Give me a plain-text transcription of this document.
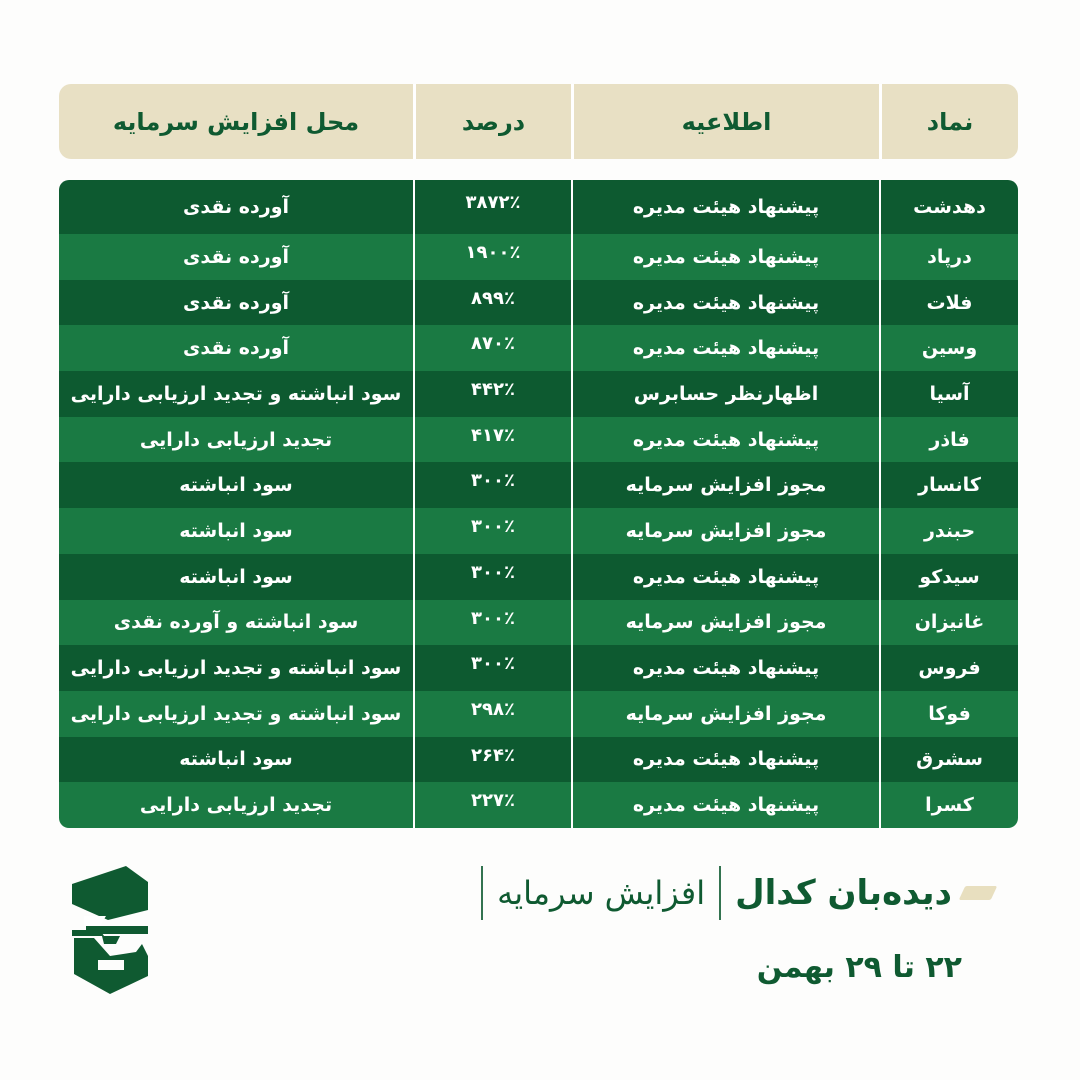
نماد
اطلاعیه
درصد
محل افزایش سرمایه
دهدشت
پیشنهاد هیئت مدیره
۳۸۷۲٪
آورده نقدی
درپاد
پیشنهاد هیئت مدیره
۱۹۰۰٪
آورده نقدی
فلات
پیشنهاد هیئت مدیره
۸۹۹٪
آورده نقدی
وسین
پیشنهاد هیئت مدیره
۸۷۰٪
آورده نقدی
آسیا
اظهارنظر حسابرس
۴۴۲٪
سود انباشته و تجدید ارزیابی دارایی
فاذر
پیشنهاد هیئت مدیره
۴۱۷٪
تجدید ارزیابی دارایی
کانسار
مجوز افزایش سرمایه
۳۰۰٪
سود انباشته
حبندر
مجوز افزایش سرمایه
۳۰۰٪
سود انباشته
سیدکو
پیشنهاد هیئت مدیره
۳۰۰٪
سود انباشته
غانیزان
مجوز افزایش سرمایه
۳۰۰٪
سود انباشته و آورده نقدی
فروس
پیشنهاد هیئت مدیره
۳۰۰٪
سود انباشته و تجدید ارزیابی دارایی
فوکا
مجوز افزایش سرمایه
۲۹۸٪
سود انباشته و تجدید ارزیابی دارایی
سشرق
پیشنهاد هیئت مدیره
۲۶۴٪
سود انباشته
کسرا
پیشنهاد هیئت مدیره
۲۲۷٪
تجدید ارزیابی دارایی
دیده‌بان کدال
افزایش سرمایه
۲۲ تا ۲۹ بهمن
